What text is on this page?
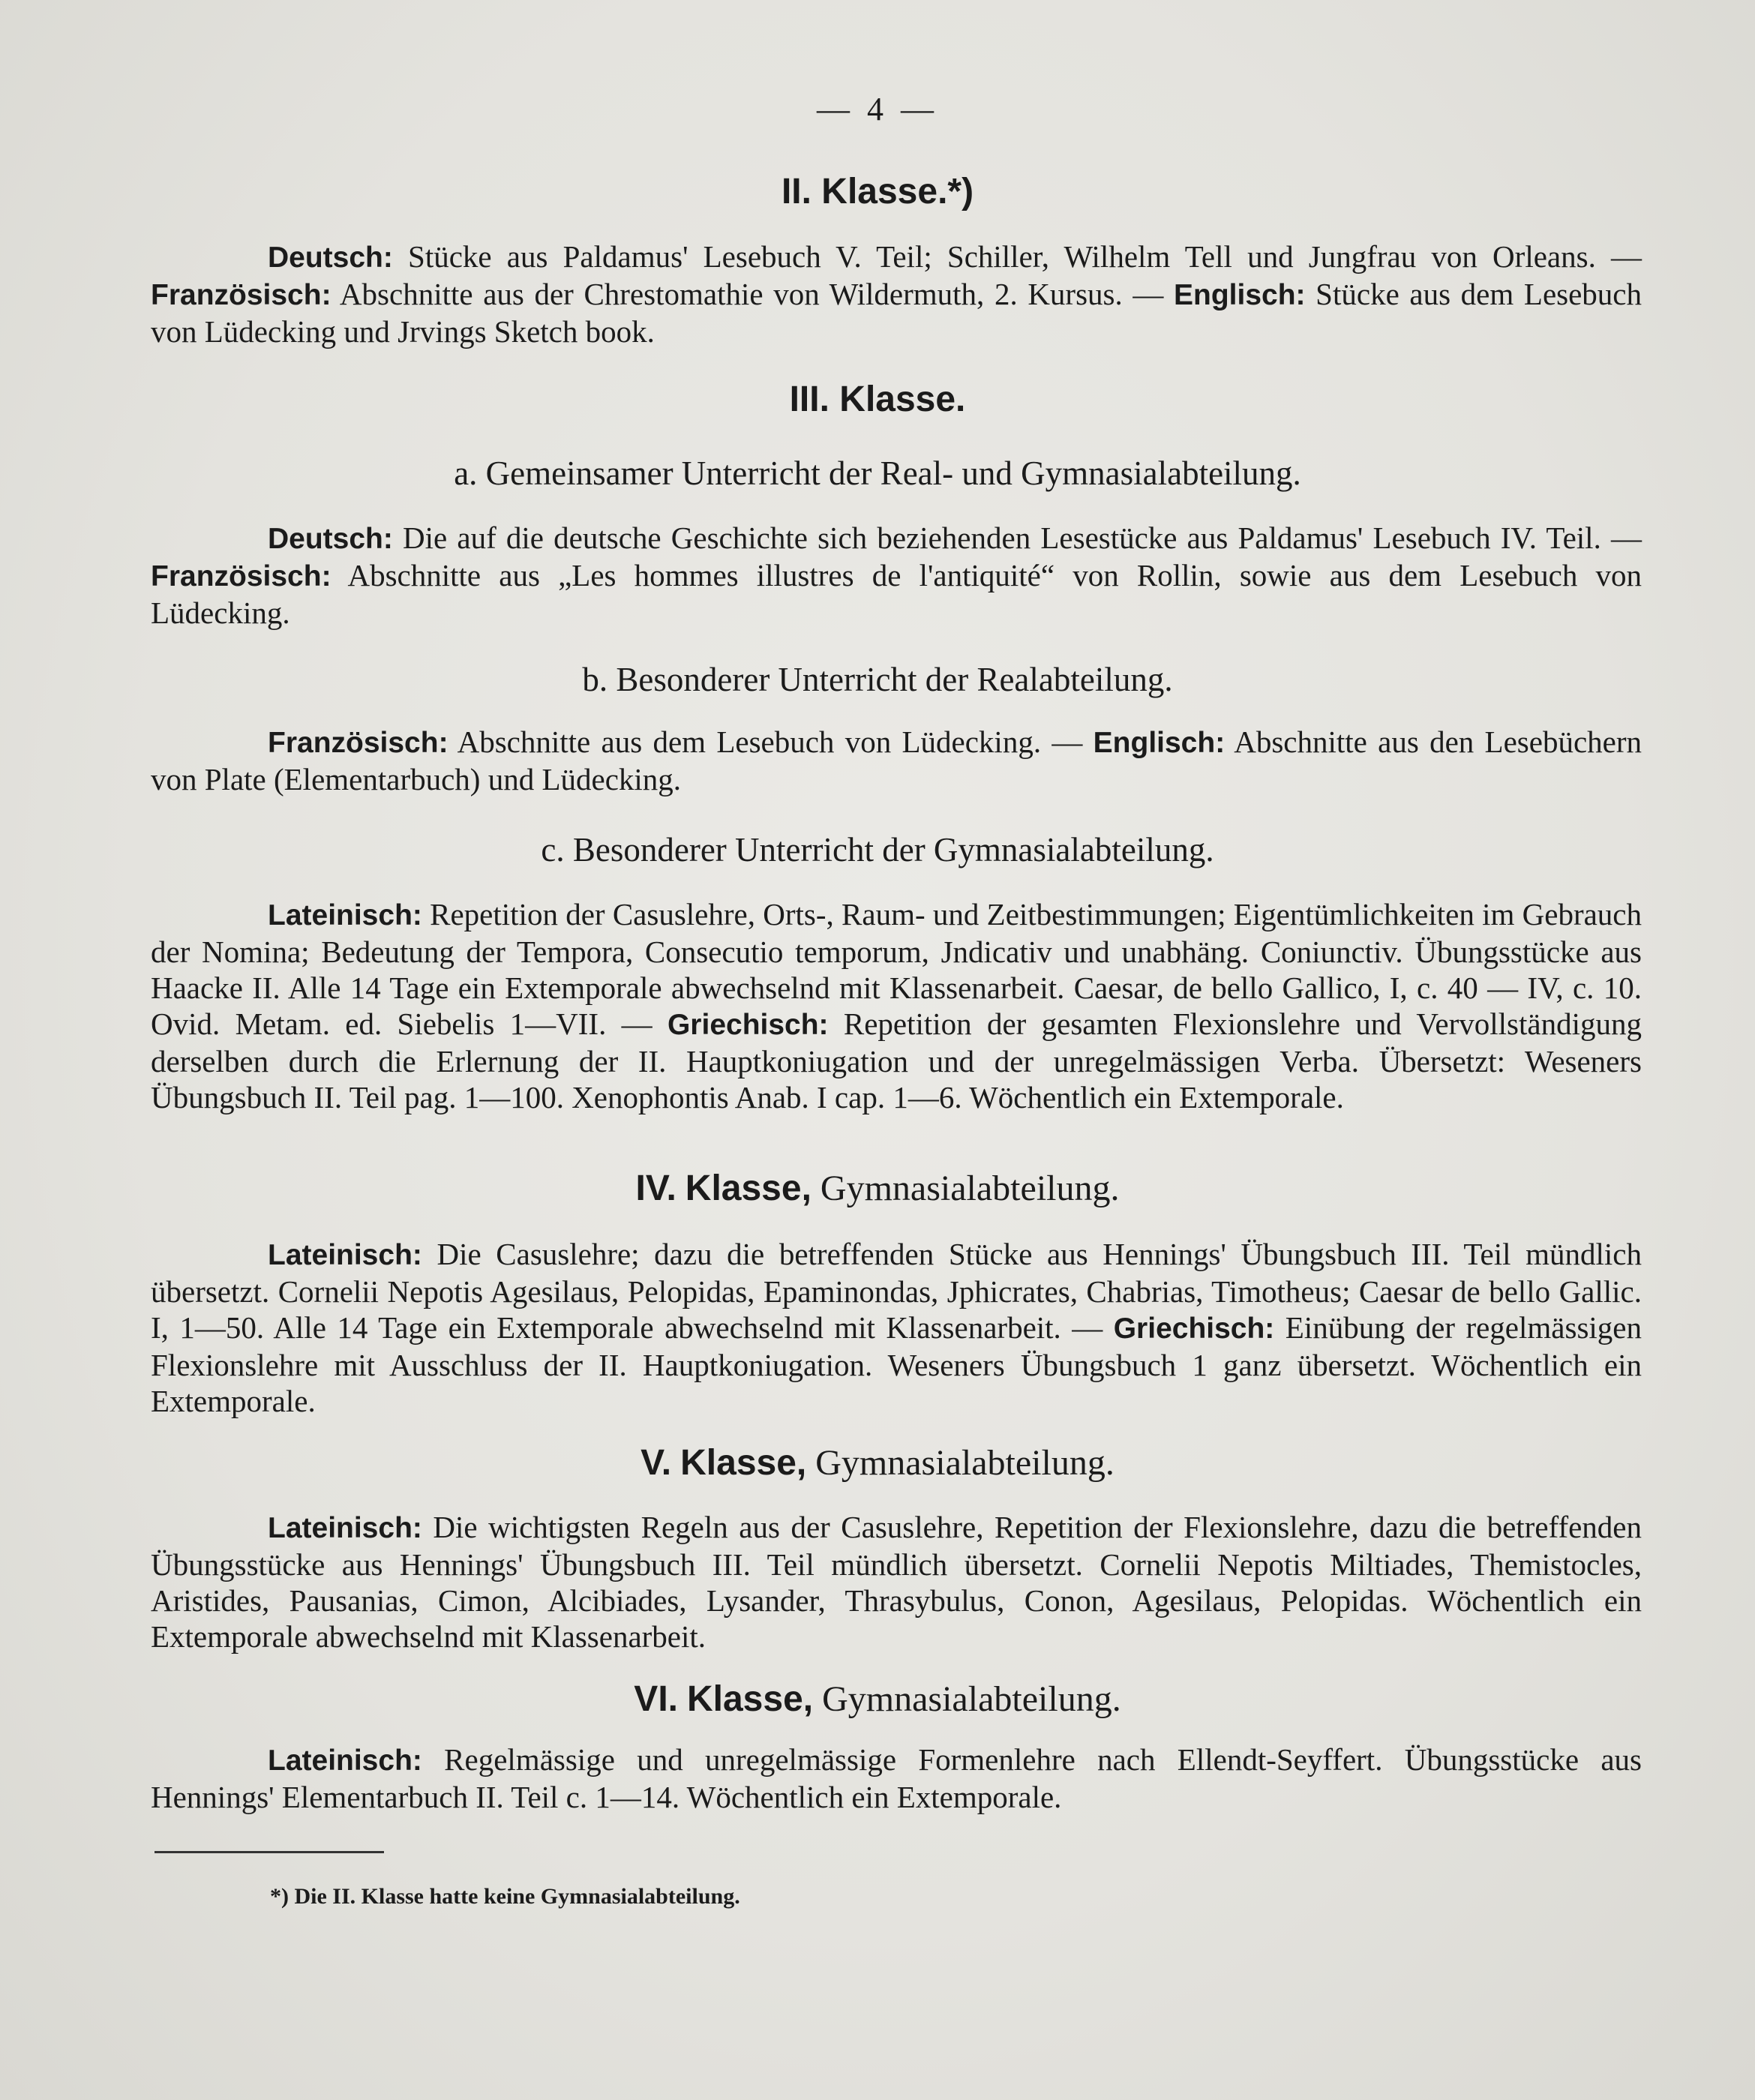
— 4 —
II. Klasse.*)
Deutsch: Stücke aus Paldamus' Lesebuch V. Teil; Schiller, Wilhelm Tell und Jungfrau von Orleans. — Französisch: Abschnitte aus der Chrestomathie von Wildermuth, 2. Kursus. — Englisch: Stücke aus dem Lesebuch von Lüdecking und Jrvings Sketch book.
III. Klasse.
a. Gemeinsamer Unterricht der Real- und Gymnasialabteilung.
Deutsch: Die auf die deutsche Geschichte sich beziehenden Lesestücke aus Paldamus' Lesebuch IV. Teil. — Französisch: Abschnitte aus „Les hommes illustres de l'antiquité“ von Rollin, sowie aus dem Lesebuch von Lüdecking.
b. Besonderer Unterricht der Realabteilung.
Französisch: Abschnitte aus dem Lesebuch von Lüdecking. — Englisch: Abschnitte aus den Lesebüchern von Plate (Elementarbuch) und Lüdecking.
c. Besonderer Unterricht der Gymnasialabteilung.
Lateinisch: Repetition der Casuslehre, Orts-, Raum- und Zeitbestimmungen; Eigentümlichkeiten im Gebrauch der Nomina; Bedeutung der Tempora, Consecutio temporum, Jndicativ und unabhäng. Coniunctiv. Übungsstücke aus Haacke II. Alle 14 Tage ein Extemporale abwechselnd mit Klassenarbeit. Caesar, de bello Gallico, I, c. 40 — IV, c. 10. Ovid. Metam. ed. Siebelis 1—VII. — Griechisch: Repetition der gesamten Flexionslehre und Vervollständigung derselben durch die Erlernung der II. Hauptkoniugation und der unregelmässigen Verba. Übersetzt: Weseners Übungsbuch II. Teil pag. 1—100. Xenophontis Anab. I cap. 1—6. Wöchentlich ein Extemporale.
IV. Klasse, Gymnasialabteilung.
Lateinisch: Die Casuslehre; dazu die betreffenden Stücke aus Hennings' Übungsbuch III. Teil mündlich übersetzt. Cornelii Nepotis Agesilaus, Pelopidas, Epaminondas, Jphicrates, Chabrias, Timotheus; Caesar de bello Gallic. I, 1—50. Alle 14 Tage ein Extemporale abwechselnd mit Klassenarbeit. — Griechisch: Einübung der regelmässigen Flexionslehre mit Ausschluss der II. Hauptkoniugation. Weseners Übungsbuch 1 ganz übersetzt. Wöchentlich ein Extemporale.
V. Klasse, Gymnasialabteilung.
Lateinisch: Die wichtigsten Regeln aus der Casuslehre, Repetition der Flexionslehre, dazu die betreffenden Übungsstücke aus Hennings' Übungsbuch III. Teil mündlich übersetzt. Cornelii Nepotis Miltiades, Themistocles, Aristides, Pausanias, Cimon, Alcibiades, Lysander, Thrasybulus, Conon, Agesilaus, Pelopidas. Wöchentlich ein Extemporale abwechselnd mit Klassenarbeit.
VI. Klasse, Gymnasialabteilung.
Lateinisch: Regelmässige und unregelmässige Formenlehre nach Ellendt-Seyffert. Übungsstücke aus Hennings' Elementarbuch II. Teil c. 1—14. Wöchentlich ein Extemporale.
*) Die II. Klasse hatte keine Gymnasialabteilung.
